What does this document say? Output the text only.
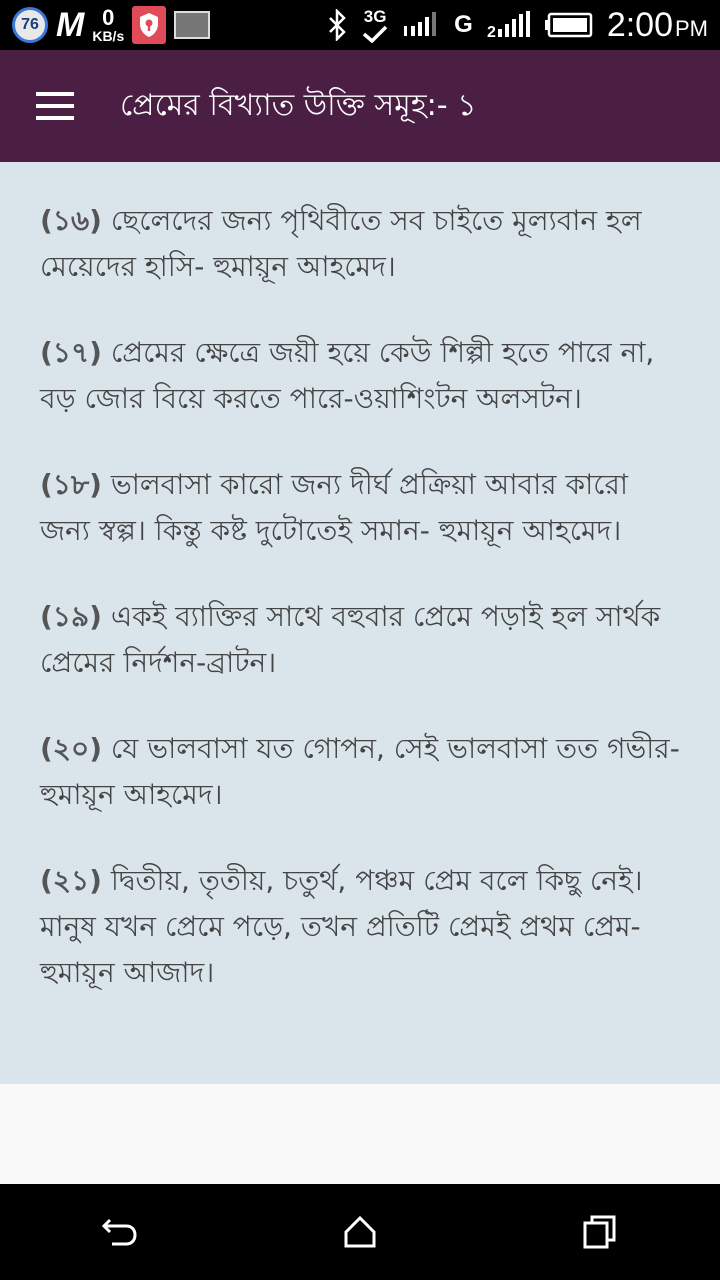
76 M 0
KB/s
3G	G 2	2:00PM
প্রেমের বিখ্যাত উক্তি সমূহ:- ১

(১৬) ছেলেদের জন্য পৃথিবীতে সব চাইতে মূল্যবান হল মেয়েদের হাসি- হুমায়ূন আহমেদ।

(১৭) প্রেমের ক্ষেত্রে জয়ী হয়ে কেউ শিল্পী হতে পারে না, বড় জোর বিয়ে করতে পারে-ওয়াশিংটন অলসটন।

(১৮) ভালবাসা কারো জন্য দীর্ঘ প্রক্রিয়া আবার কারো জন্য স্বল্প। কিন্তু কষ্ট দুটোতেই সমান- হুমায়ূন আহমেদ।

(১৯) একই ব্যাক্তির সাথে বহুবার প্রেমে পড়াই হল সার্থক প্রেমের নির্দশন-ব্রাটন।

(২০) যে ভালবাসা যত গোপন, সেই ভালবাসা তত গভীর- হুমায়ূন আহমেদ।

(২১) দ্বিতীয়, তৃতীয়, চতুর্থ, পঞ্চম প্রেম বলে কিছু নেই। মানুষ যখন প্রেমে পড়ে, তখন প্রতিটি প্রেমই প্রথম প্রেম- হুমায়ূন আজাদ।
